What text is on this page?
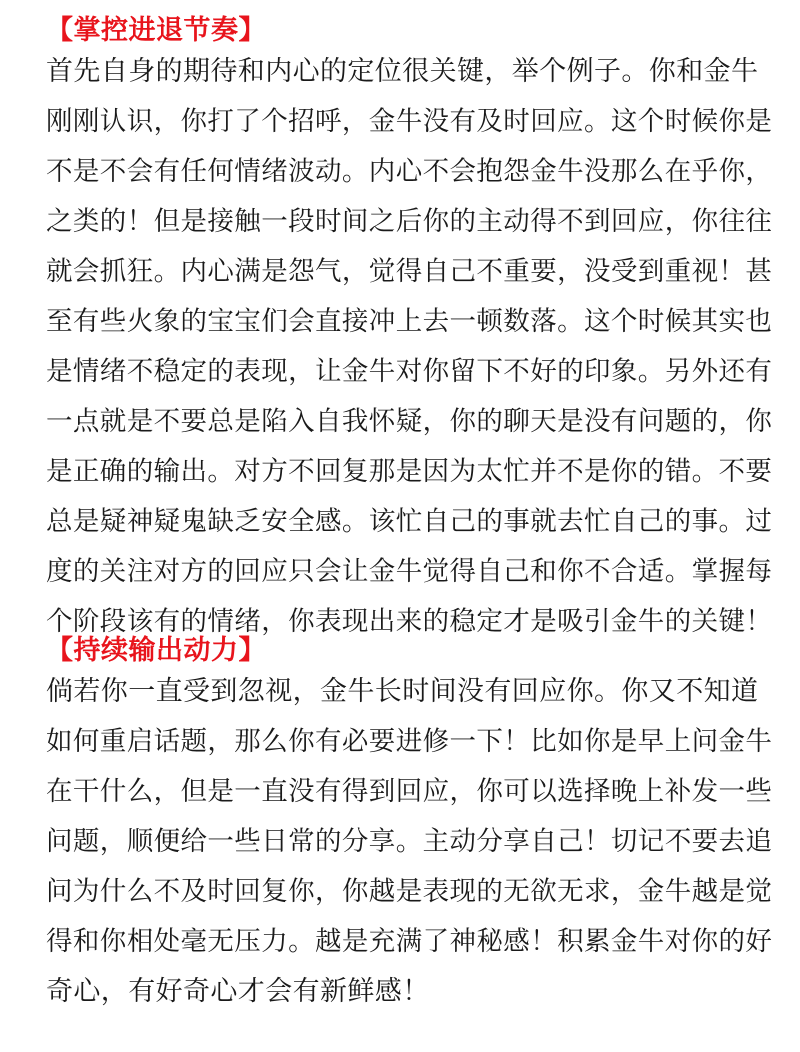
【掌控进退节奏】
首先自身的期待和内心的定位很关键，举个例子。你和金牛
刚刚认识，你打了个招呼，金牛没有及时回应。这个时候你是
不是不会有任何情绪波动。内心不会抱怨金牛没那么在乎你，
之类的！但是接触一段时间之后你的主动得不到回应，你往往
就会抓狂。内心满是怨气，觉得自己不重要，没受到重视！甚
至有些火象的宝宝们会直接冲上去一顿数落。这个时候其实也
是情绪不稳定的表现，让金牛对你留下不好的印象。另外还有
一点就是不要总是陷入自我怀疑，你的聊天是没有问题的，你
是正确的输出。对方不回复那是因为太忙并不是你的错。不要
总是疑神疑鬼缺乏安全感。该忙自己的事就去忙自己的事。过
度的关注对方的回应只会让金牛觉得自己和你不合适。掌握每
个阶段该有的情绪，你表现出来的稳定才是吸引金牛的关键！
【持续输出动力】
倘若你一直受到忽视，金牛长时间没有回应你。你又不知道
如何重启话题，那么你有必要进修一下！比如你是早上问金牛
在干什么，但是一直没有得到回应，你可以选择晚上补发一些
问题，顺便给一些日常的分享。主动分享自己！切记不要去追
问为什么不及时回复你，你越是表现的无欲无求，金牛越是觉
得和你相处毫无压力。越是充满了神秘感！积累金牛对你的好
奇心，有好奇心才会有新鲜感！
